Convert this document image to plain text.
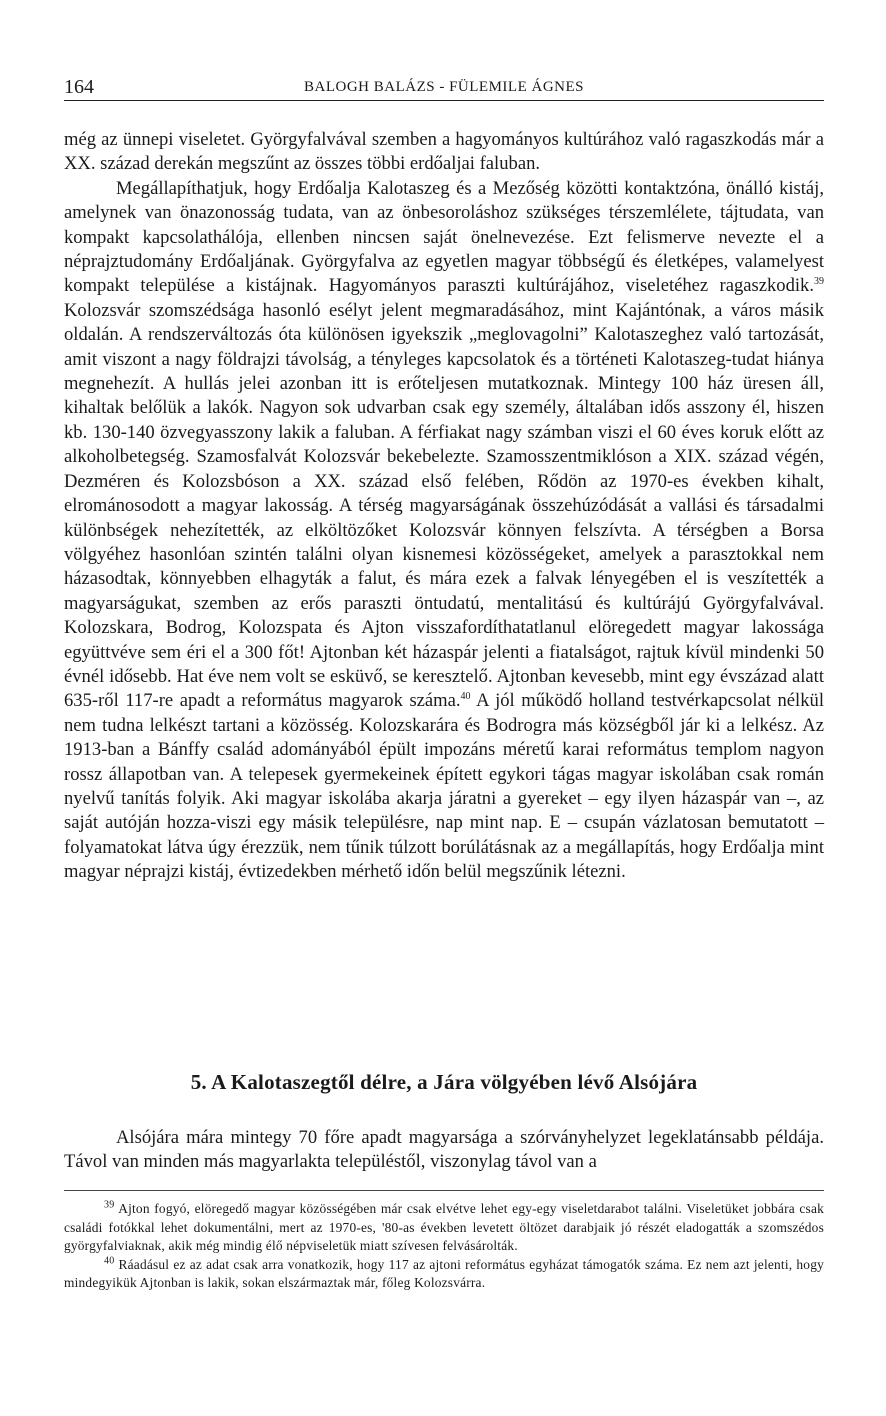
164	BALOGH BALÁZS - FÜLEMILE ÁGNES

még az ünnepi viseletet. Györgyfalvával szemben a hagyományos kultúrához való ragaszkodás már a XX. század derekán megszűnt az összes többi erdőaljai faluban.

Megállapíthatjuk, hogy Erdőalja Kalotaszeg és a Mezőség közötti kontaktzóna, önálló kistáj, amelynek van önazonosság tudata, van az önbesoroláshoz szükséges térszemlélete, tájtudata, van kompakt kapcsolathálója, ellenben nincsen saját önelnevezése. Ezt felismerve nevezte el a néprajztudomány Erdőaljának. Györgyfalva az egyetlen magyar többségű és életképes, valamelyest kompakt települése a kistájnak. Hagyományos paraszti kultúrájához, viseletéhez ragaszkodik.$^{39}$ Kolozsvár szomszédsága hasonló esélyt jelent megmaradásához, mint Kajántónak, a város másik oldalán. A rendszerváltozás óta különösen igyekszik „meglovagolni” Kalotaszeghez való tartozását, amit viszont a nagy földrajzi távolság, a tényleges kapcsolatok és a történeti Kalotaszeg-tudat hiánya megnehezít. A hullás jelei azonban itt is erőteljesen mutatkoznak. Mintegy 100 ház üresen áll, kihaltak belőlük a lakók. Nagyon sok udvarban csak egy személy, általában idős asszony él, hiszen kb. 130-140 özvegyasszony lakik a faluban. A férfiakat nagy számban viszi el 60 éves koruk előtt az alkoholbetegség. Szamosfalvát Kolozsvár bekebelezte. Szamosszentmiklóson a XIX. század végén, Dezméren és Kolozsbóson a XX. század első felében, Rődön az 1970-es években kihalt, elrománosodott a magyar lakosság. A térség magyarságának összehúzódását a vallási és társadalmi különbségek nehezítették, az elköltözőket Kolozsvár könnyen felszívta. A térségben a Borsa völgyéhez hasonlóan szintén találni olyan kisnemesi közösségeket, amelyek a parasztokkal nem házasodtak, könnyebben elhagyták a falut, és mára ezek a falvak lényegében el is veszítették a magyarságukat, szemben az erős paraszti öntudatú, mentalitású és kultúrájú Györgyfalvával. Kolozskara, Bodrog, Kolozspata és Ajton visszafordíthatatlanul elöregedett magyar lakossága együttvéve sem éri el a 300 főt! Ajtonban két házaspár jelenti a fiatalságot, rajtuk kívül mindenki 50 évnél idősebb. Hat éve nem volt se esküvő, se keresztelő. Ajtonban kevesebb, mint egy évszázad alatt 635-ről 117-re apadt a református magyarok száma.$^{40}$ A jól működő holland testvérkapcsolat nélkül nem tudna lelkészt tartani a közösség. Kolozskarára és Bodrogra más községből jár ki a lelkész. Az 1913-ban a Bánffy család adományából épült impozáns méretű karai református templom nagyon rossz állapotban van. A telepesek gyermekeinek épített egykori tágas magyar iskolában csak román nyelvű tanítás folyik. Aki magyar iskolába akarja járatni a gyereket – egy ilyen házaspár van –, az saját autóján hozza-viszi egy másik településre, nap mint nap. E – csupán vázlatosan bemutatott – folyamatokat látva úgy érezzük, nem tűnik túlzott borúlátásnak az a megállapítás, hogy Erdőalja mint magyar néprajzi kistáj, évtizedekben mérhető időn belül megszűnik létezni.

5. A Kalotaszegtől délre, a Jára völgyében lévő Alsójára

Alsójára mára mintegy 70 főre apadt magyarsága a szórványhelyzet legeklatánsabb példája. Távol van minden más magyarlakta településtől, viszonylag távol van a

$^{39}$ Ajton fogyó, elöregedő magyar közösségében már csak elvétve lehet egy-egy viseletdarabot találni. Viseletüket jobbára csak családi fotókkal lehet dokumentálni, mert az 1970-es, '80-as években levetett öltözet darabjaik jó részét eladogatták a szomszédos györgyfalviaknak, akik még mindig élő népviseletük miatt szívesen felvásárolták.

$^{40}$ Ráadásul ez az adat csak arra vonatkozik, hogy 117 az ajtoni református egyházat támogatók száma. Ez nem azt jelenti, hogy mindegyikük Ajtonban is lakik, sokan elszármaztak már, főleg Kolozsvárra.
